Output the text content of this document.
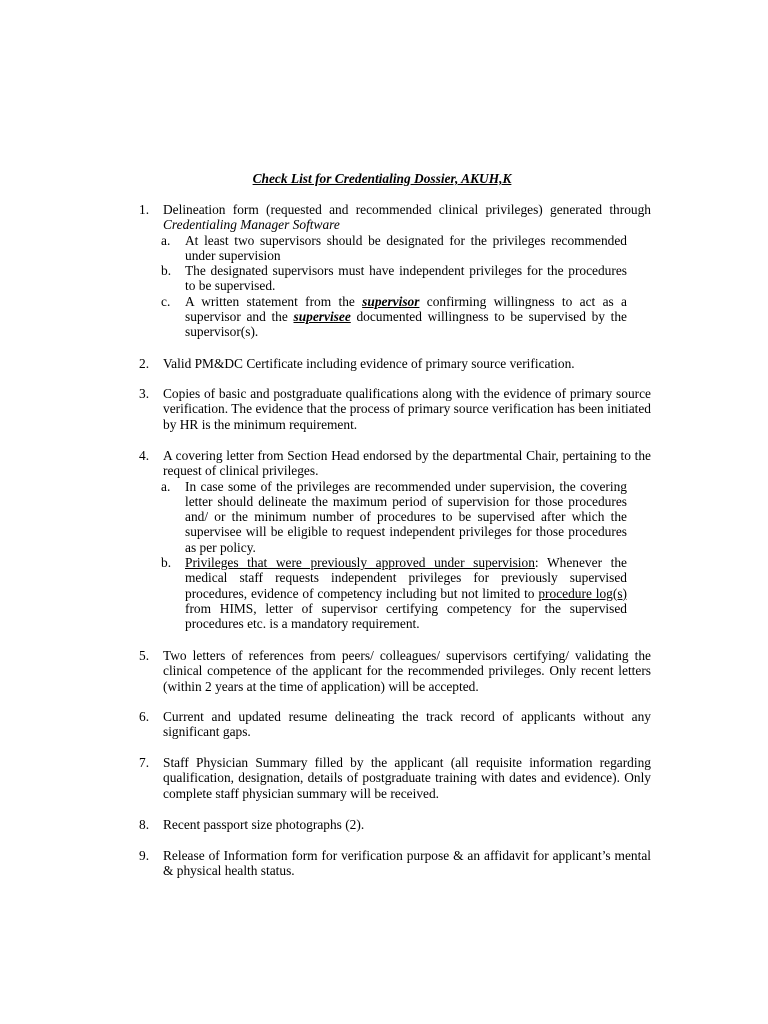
Check List for Credentialing Dossier, AKUH,K
1.	Delineation form (requested and recommended clinical privileges) generated through Credentialing Manager Software
a.	At least two supervisors should be designated for the privileges recommended under supervision
b.	The designated supervisors must have independent privileges for the procedures to be supervised.
c.	A written statement from the supervisor confirming willingness to act as a supervisor and the supervisee documented willingness to be supervised by the supervisor(s).
2.	Valid PM&DC Certificate including evidence of primary source verification.
3.	Copies of basic and postgraduate qualifications along with the evidence of primary source verification. The evidence that the process of primary source verification has been initiated by HR is the minimum requirement.
4.	A covering letter from Section Head endorsed by the departmental Chair, pertaining to the request of clinical privileges.
a.	In case some of the privileges are recommended under supervision, the covering letter should delineate the maximum period of supervision for those procedures and/ or the minimum number of procedures to be supervised after which the supervisee will be eligible to request independent privileges for those procedures as per policy.
b.	Privileges that were previously approved under supervision: Whenever the medical staff requests independent privileges for previously supervised procedures, evidence of competency including but not limited to procedure log(s) from HIMS, letter of supervisor certifying competency for the supervised procedures etc. is a mandatory requirement.
5.	Two letters of references from peers/ colleagues/ supervisors certifying/ validating the clinical competence of the applicant for the recommended privileges. Only recent letters (within 2 years at the time of application) will be accepted.
6.	Current and updated resume delineating the track record of applicants without any significant gaps.
7.	Staff Physician Summary filled by the applicant (all requisite information regarding qualification, designation, details of postgraduate training with dates and evidence). Only complete staff physician summary will be received.
8.	Recent passport size photographs (2).
9.	Release of Information form for verification purpose & an affidavit for applicant’s mental & physical health status.
